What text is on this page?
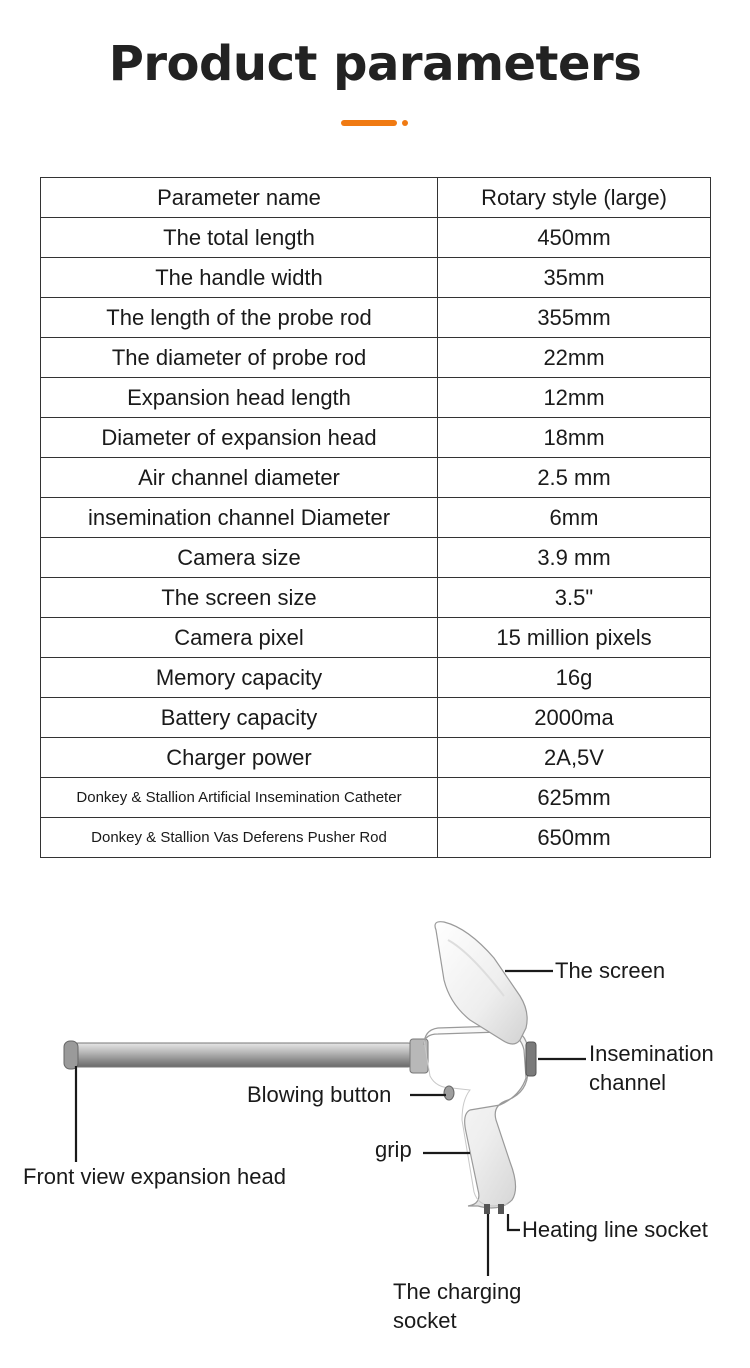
Product parameters
Parameter name	Rotary style (large)
The total length	450mm
The handle width	35mm
The length of the probe rod	355mm
The diameter of probe rod	22mm
Expansion head length	12mm
Diameter of expansion head	18mm
Air channel diameter	2.5 mm
insemination channel Diameter	6mm
Camera size	3.9 mm
The screen size	3.5"
Camera pixel	15 million pixels
Memory capacity	16g
Battery capacity	2000ma
Charger power	2A,5V
Donkey & Stallion Artificial Insemination Catheter	625mm
Donkey & Stallion Vas Deferens Pusher Rod	650mm
The screen
Insemination
channel
Blowing button
grip
Front view expansion head
Heating line socket
The charging
socket
